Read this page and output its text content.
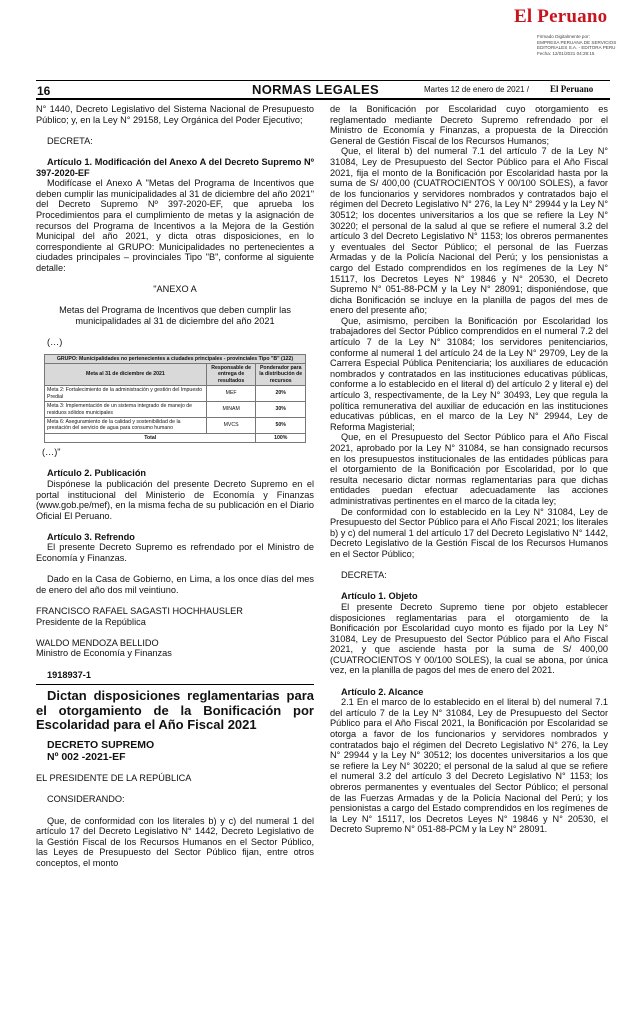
El Peruano
Firmado Digitalmente por:
EMPRESA PERUANA DE SERVICIOS
EDITORIALES S.A. - EDITORA PERU
Fecha: 12/01/2021 04:28:15
16	NORMAS LEGALES	Martes 12 de enero de 2021 / El Peruano

N° 1440, Decreto Legislativo del Sistema Nacional de Presupuesto Público; y, en la Ley N° 29158, Ley Orgánica del Poder Ejecutivo;

DECRETA:

Artículo 1. Modificación del Anexo A del Decreto Supremo Nº 397-2020-EF

Modifícase el Anexo A "Metas del Programa de Incentivos que deben cumplir las municipalidades al 31 de diciembre del año 2021" del Decreto Supremo Nº 397-2020-EF, que aprueba los Procedimientos para el cumplimiento de metas y la asignación de recursos del Programa de Incentivos a la Mejora de la Gestión Municipal del año 2021, y dicta otras disposiciones, en lo correspondiente al GRUPO: Municipalidades no pertenecientes a ciudades principales – provinciales Tipo "B", conforme al siguiente detalle:

"ANEXO A

Metas del Programa de Incentivos que deben cumplir las municipalidades al 31 de diciembre del año 2021

(…)

GRUPO: Municipalidades no pertenecientes a ciudades principales - provinciales Tipo "B" (122)		
Meta al 31 de diciembre de 2021	Responsable de entrega de resultados	Ponderador para la distribución de recursos
Meta 2: Fortalecimiento de la administración y gestión del Impuesto Predial	MEF	20%
Meta 3: Implementación de un sistema integrado de manejo de residuos sólidos municipales	MINAM	30%
Meta 6: Aseguramiento de la calidad y sostenibilidad de la prestación del servicio de agua para consumo humano	MVCS	50%
Total		100%

(…)"

Artículo 2. Publicación

Dispónese la publicación del presente Decreto Supremo en el portal institucional del Ministerio de Economía y Finanzas (www.gob.pe/mef), en la misma fecha de su publicación en el Diario Oficial El Peruano.

Artículo 3. Refrendo

El presente Decreto Supremo es refrendado por el Ministro de Economía y Finanzas.

Dado en la Casa de Gobierno, en Lima, a los once días del mes de enero del año dos mil veintiuno.

FRANCISCO RAFAEL SAGASTI HOCHHAUSLER

Presidente de la República

WALDO MENDOZA BELLIDO

Ministro de Economía y Finanzas

1918937-1

Dictan disposiciones reglamentarias para el otorgamiento de la Bonificación por Escolaridad para el Año Fiscal 2021

DECRETO SUPREMO

Nº 002 -2021-EF

EL PRESIDENTE DE LA REPÚBLICA

CONSIDERANDO:

Que, de conformidad con los literales b) y c) del numeral 1 del artículo 17 del Decreto Legislativo N° 1442, Decreto Legislativo de la Gestión Fiscal de los Recursos Humanos en el Sector Público, las Leyes de Presupuesto del Sector Público fijan, entre otros conceptos, el monto

de la Bonificación por Escolaridad cuyo otorgamiento es reglamentado mediante Decreto Supremo refrendado por el Ministro de Economía y Finanzas, a propuesta de la Dirección General de Gestión Fiscal de los Recursos Humanos;

Que, el literal b) del numeral 7.1 del artículo 7 de la Ley N° 31084, Ley de Presupuesto del Sector Público para el Año Fiscal 2021, fija el monto de la Bonificación por Escolaridad hasta por la suma de S/ 400,00 (CUATROCIENTOS Y 00/100 SOLES), a favor de los funcionarios y servidores nombrados y contratados bajo el régimen del Decreto Legislativo N° 276, la Ley N° 29944 y la Ley N° 30512; los docentes universitarios a los que se refiere la Ley N° 30220; el personal de la salud al que se refiere el numeral 3.2 del artículo 3 del Decreto Legislativo N° 1153; los obreros permanentes y eventuales del Sector Público; el personal de las Fuerzas Armadas y de la Policía Nacional del Perú; y los pensionistas a cargo del Estado comprendidos en los regímenes de la Ley N° 15117, los Decretos Leyes N° 19846 y N° 20530, el Decreto Supremo N° 051-88-PCM y la Ley N° 28091; disponiéndose, que dicha Bonificación se incluye en la planilla de pagos del mes de enero del presente año;

Que, asimismo, perciben la Bonificación por Escolaridad los trabajadores del Sector Público comprendidos en el numeral 7.2 del artículo 7 de la Ley N° 31084; los servidores penitenciarios, conforme al numeral 1 del artículo 24 de la Ley N° 29709, Ley de la Carrera Especial Pública Penitenciaria; los auxiliares de educación nombrados y contratados en las instituciones educativas públicas, conforme a lo establecido en el literal d) del artículo 2 y literal e) del artículo 3, respectivamente, de la Ley N° 30493, Ley que regula la política remunerativa del auxiliar de educación en las instituciones educativas públicas, en el marco de la Ley N° 29944, Ley de Reforma Magisterial;

Que, en el Presupuesto del Sector Público para el Año Fiscal 2021, aprobado por la Ley N° 31084, se han consignado recursos en los presupuestos institucionales de las entidades públicas para el otorgamiento de la Bonificación por Escolaridad, por lo que resulta necesario dictar normas reglamentarias para que dichas entidades puedan efectuar adecuadamente las acciones administrativas pertinentes en el marco de la citada ley;

De conformidad con lo establecido en la Ley N° 31084, Ley de Presupuesto del Sector Público para el Año Fiscal 2021; los literales b) y c) del numeral 1 del artículo 17 del Decreto Legislativo N° 1442, Decreto Legislativo de la Gestión Fiscal de los Recursos Humanos en el Sector Público;

DECRETA:

Artículo 1. Objeto

El presente Decreto Supremo tiene por objeto establecer disposiciones reglamentarias para el otorgamiento de la Bonificación por Escolaridad cuyo monto es fijado por la Ley N° 31084, Ley de Presupuesto del Sector Público para el Año Fiscal 2021, y que asciende hasta por la suma de S/ 400,00 (CUATROCIENTOS Y 00/100 SOLES), la cual se abona, por única vez, en la planilla de pagos del mes de enero del 2021.

Artículo 2. Alcance

2.1 En el marco de lo establecido en el literal b) del numeral 7.1 del artículo 7 de la Ley N° 31084, Ley de Presupuesto del Sector Público para el Año Fiscal 2021, la Bonificación por Escolaridad se otorga a favor de los funcionarios y servidores nombrados y contratados bajo el régimen del Decreto Legislativo N° 276, la Ley N° 29944 y la Ley N° 30512; los docentes universitarios a los que se refiere la Ley N° 30220; el personal de la salud al que se refiere el numeral 3.2 del artículo 3 del Decreto Legislativo N° 1153; los obreros permanentes y eventuales del Sector Público; el personal de las Fuerzas Armadas y de la Policía Nacional del Perú; y los pensionistas a cargo del Estado comprendidos en los regímenes de la Ley N° 15117, los Decretos Leyes N° 19846 y N° 20530, el Decreto Supremo N° 051-88-PCM y la Ley N° 28091.
